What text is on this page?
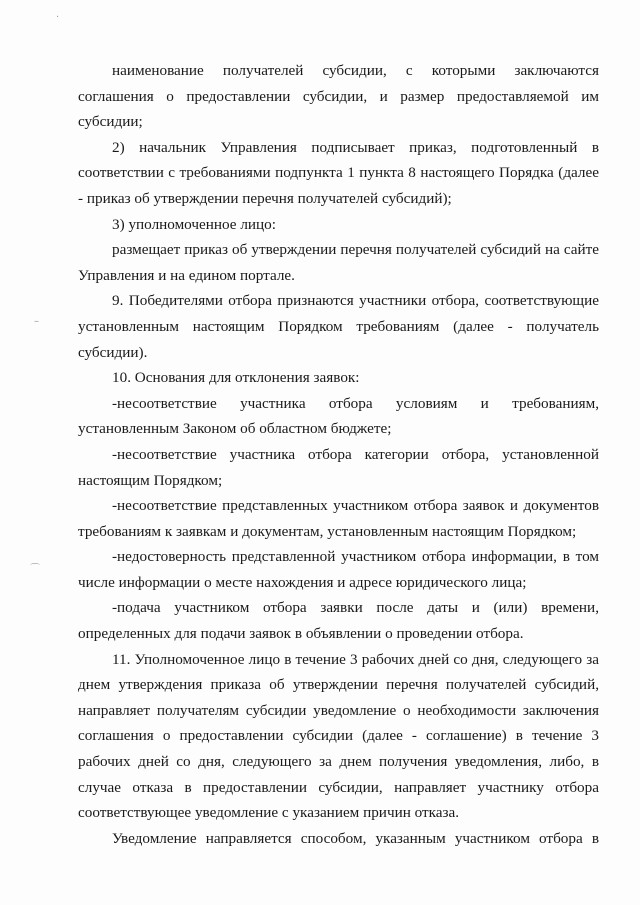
·
–
⌒

наименование получателей субсидии, с которыми заключаются соглашения о предоставлении субсидии, и размер предоставляемой им субсидии;

2) начальник Управления подписывает приказ, подготовленный в соответствии с требованиями подпункта 1 пункта 8 настоящего Порядка (далее - приказ об утверждении перечня получателей субсидий);

3) уполномоченное лицо:

размещает приказ об утверждении перечня получателей субсидий на сайте Управления и на едином портале.

9. Победителями отбора признаются участники отбора, соответствующие установленным настоящим Порядком требованиям (далее - получатель субсидии).

10. Основания для отклонения заявок:

-несоответствие участника отбора условиям и требованиям, установленным Законом об областном бюджете;

-несоответствие участника отбора категории отбора, установленной настоящим Порядком;

-несоответствие представленных участником отбора заявок и документов требованиям к заявкам и документам, установленным настоящим Порядком;

-недостоверность представленной участником отбора информации, в том числе информации о месте нахождения и адресе юридического лица;

-подача участником отбора заявки после даты и (или) времени, определенных для подачи заявок в объявлении о проведении отбора.

11. Уполномоченное лицо в течение 3 рабочих дней со дня, следующего за днем утверждения приказа об утверждении перечня получателей субсидий, направляет получателям субсидии уведомление о необходимости заключения соглашения о предоставлении субсидии (далее - соглашение) в течение 3 рабочих дней со дня, следующего за днем получения уведомления, либо, в случае отказа в предоставлении субсидии, направляет участнику отбора соответствующее уведомление с указанием причин отказа.

Уведомление направляется способом, указанным участником отбора в
